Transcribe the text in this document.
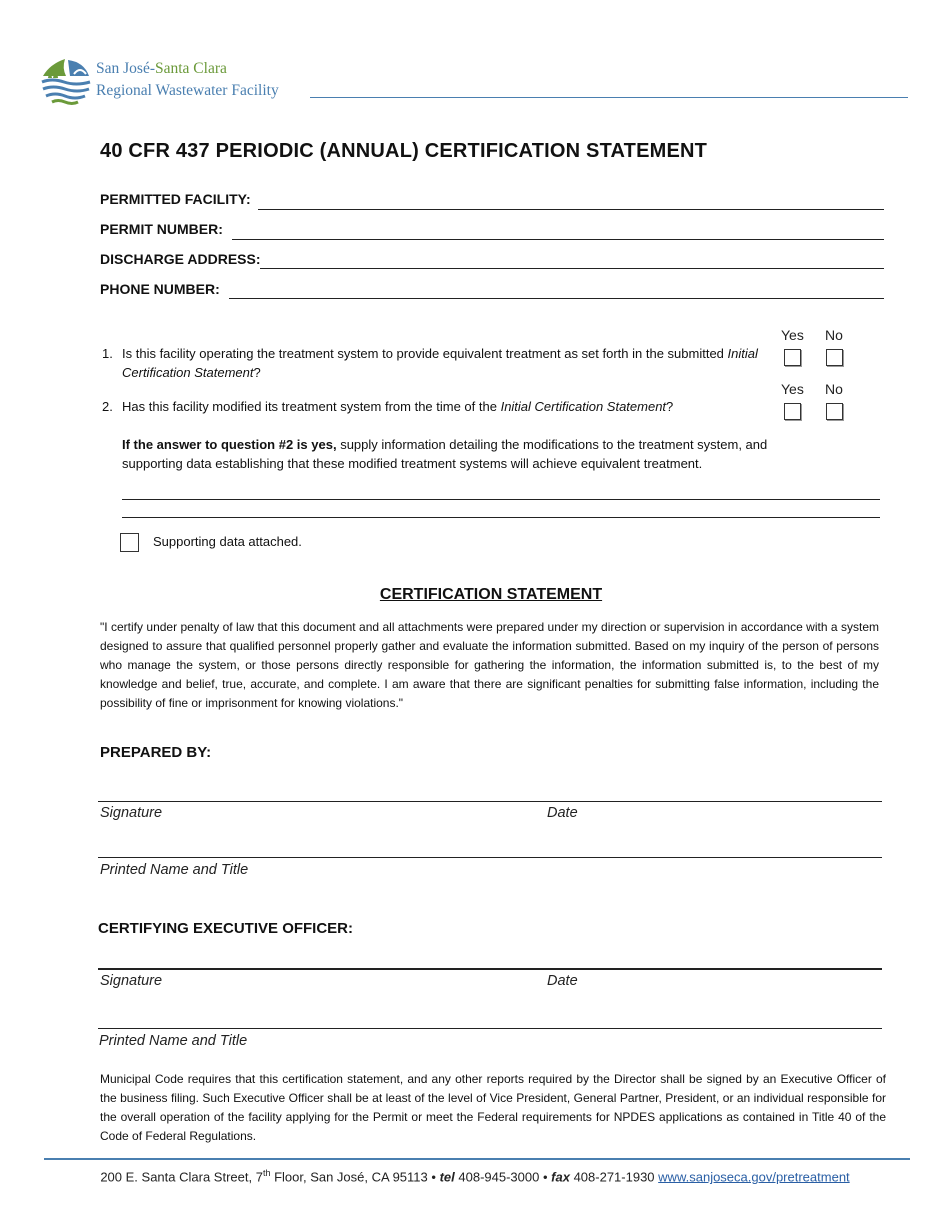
San José-Santa Clara
Regional Wastewater Facility
40 CFR 437 PERIODIC (ANNUAL) CERTIFICATION STATEMENT
PERMITTED FACILITY:
PERMIT NUMBER:
DISCHARGE ADDRESS:
PHONE NUMBER:
Yes No
1. Is this facility operating the treatment system to provide equivalent treatment as set forth in the submitted Initial Certification Statement?
Yes No
2. Has this facility modified its treatment system from the time of the Initial Certification Statement?
If the answer to question #2 is yes, supply information detailing the modifications to the treatment system, and supporting data establishing that these modified treatment systems will achieve equivalent treatment.
Supporting data attached.
CERTIFICATION STATEMENT
"I certify under penalty of law that this document and all attachments were prepared under my direction or supervision in accordance with a system designed to assure that qualified personnel properly gather and evaluate the information submitted. Based on my inquiry of the person of persons who manage the system, or those persons directly responsible for gathering the information, the information submitted is, to the best of my knowledge and belief, true, accurate, and complete. I am aware that there are significant penalties for submitting false information, including the possibility of fine or imprisonment for knowing violations."
PREPARED BY:
Signature	Date
Printed Name and Title
CERTIFYING EXECUTIVE OFFICER:
Signature	Date
Printed Name and Title
Municipal Code requires that this certification statement, and any other reports required by the Director shall be signed by an Executive Officer of the business filing. Such Executive Officer shall be at least of the level of Vice President, General Partner, President, or an individual responsible for the overall operation of the facility applying for the Permit or meet the Federal requirements for NPDES applications as contained in Title 40 of the Code of Federal Regulations.
200 E. Santa Clara Street, 7th Floor, San José, CA 95113 • tel 408-945-3000 • fax 408-271-1930 www.sanjoseca.gov/pretreatment
